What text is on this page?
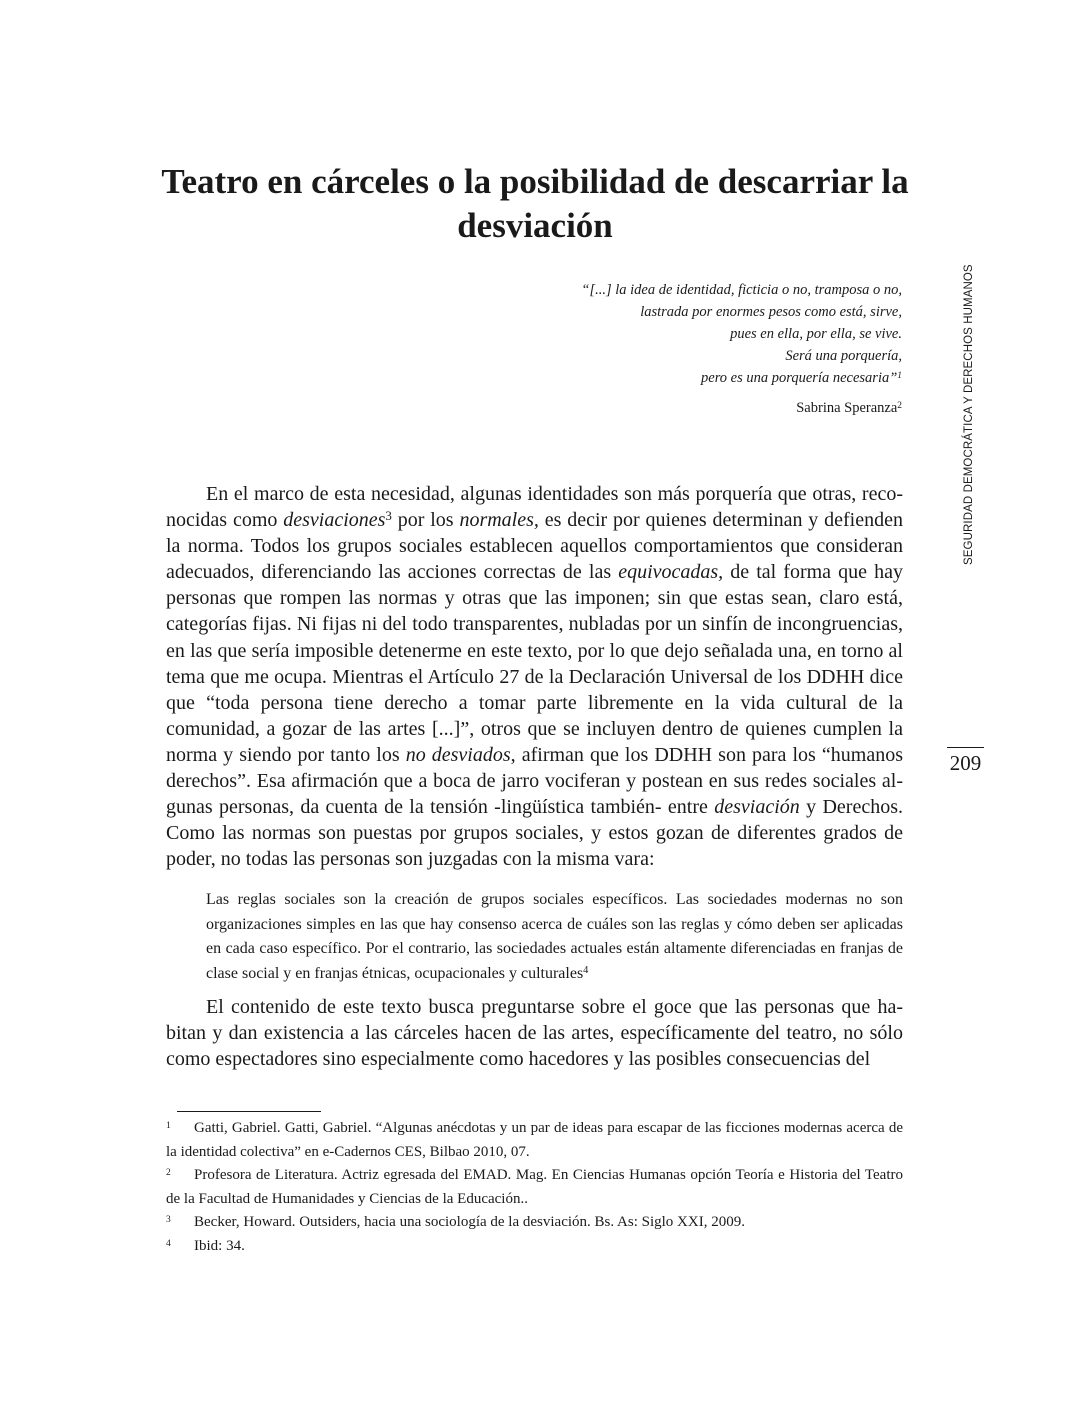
Teatro en cárceles o la posibilidad de descarriar la desviación
“[...] la idea de identidad, ficticia o no, tramposa o no,
lastrada por enormes pesos como está, sirve,
pues en ella, por ella, se vive.
Será una porquería,
pero es una porquería necesaria”$^1$
Sabrina Speranza$^2$

En el marco de esta necesidad, algunas identidades son más porquería que otras, reconocidas como desviaciones$^3$ por los normales, es decir por quienes determinan y defienden la norma. Todos los grupos sociales establecen aquellos comportamientos que consideran adecuados, diferenciando las acciones correctas de las equivocadas, de tal forma que hay personas que rompen las normas y otras que las imponen; sin que estas sean, claro está, categorías fijas. Ni fijas ni del todo transparentes, nubladas por un sinfín de incongruencias, en las que sería imposible detenerme en este texto, por lo que dejo señalada una, en torno al tema que me ocupa. Mientras el Artículo 27 de la Declaración Universal de los DDHH dice que “toda persona tiene derecho a tomar parte libremente en la vida cultural de la comunidad, a gozar de las artes [...]”, otros que se incluyen dentro de quienes cumplen la norma y siendo por tanto los no desviados, afirman que los DDHH son para los “humanos derechos”. Esa afirmación que a boca de jarro vociferan y postean en sus redes sociales algunas personas, da cuenta de la tensión -lingüística también- entre desviación y Derechos. Como las normas son puestas por grupos sociales, y estos gozan de diferentes grados de poder, no todas las personas son juzgadas con la misma vara:

Las reglas sociales son la creación de grupos sociales específicos. Las sociedades modernas no son organizaciones simples en las que hay consenso acerca de cuáles son las reglas y cómo deben ser aplicadas en cada caso específico. Por el contrario, las sociedades actuales están altamente diferenciadas en franjas de clase social y en franjas étnicas, ocupacionales y culturales$^4$

El contenido de este texto busca preguntarse sobre el goce que las personas que habitan y dan existencia a las cárceles hacen de las artes, específicamente del teatro, no sólo como espectadores sino especialmente como hacedores y las posibles consecuencias del

1 Gatti, Gabriel. Gatti, Gabriel. “Algunas anécdotas y un par de ideas para escapar de las ficciones modernas acerca de la identidad colectiva” en e-Cadernos CES, Bilbao 2010, 07.

2 Profesora de Literatura. Actriz egresada del EMAD. Mag. En Ciencias Humanas opción Teoría e Historia del Teatro de la Facultad de Humanidades y Ciencias de la Educación..

3 Becker, Howard. Outsiders, hacia una sociología de la desviación. Bs. As: Siglo XXI, 2009.

4 Ibid: 34.

SEGURIDAD DEMOCRÁTICA Y DERECHOS HUMANOS
209
